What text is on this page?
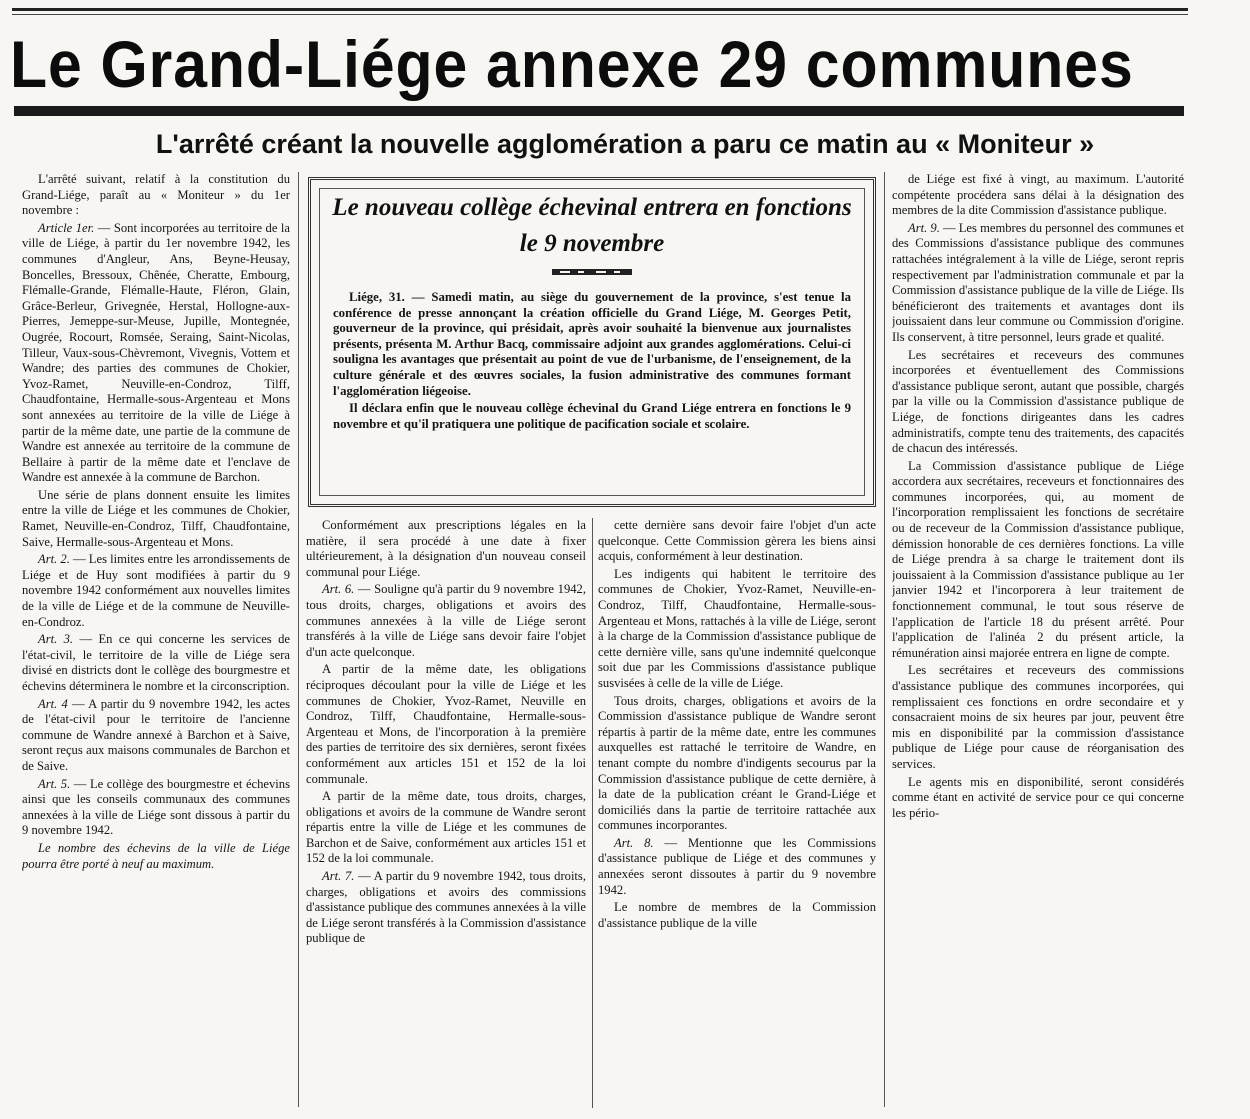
Le Grand-Liége annexe 29 communes
L'arrêté créant la nouvelle agglomération a paru ce matin au « Moniteur »

L'arrêté suivant, relatif à la constitution du Grand-Liége, paraît au « Moniteur » du 1er novembre :

Article 1er. — Sont incorporées au territoire de la ville de Liége, à partir du 1er novembre 1942, les communes d'Angleur, Ans, Beyne-Heusay, Boncelles, Bressoux, Chênée, Cheratte, Embourg, Flémalle-Grande, Flémalle-Haute, Fléron, Glain, Grâce-Berleur, Grivegnée, Herstal, Hollogne-aux-Pierres, Jemeppe-sur-Meuse, Jupille, Montegnée, Ougrée, Rocourt, Romsée, Seraing, Saint-Nicolas, Tilleur, Vaux-sous-Chèvremont, Vivegnis, Vottem et Wandre; des parties des communes de Chokier, Yvoz-Ramet, Neuville-en-Condroz, Tilff, Chaudfontaine, Hermalle-sous-Argenteau et Mons sont annexées au territoire de la ville de Liége à partir de la même date, une partie de la commune de Wandre est annexée au territoire de la commune de Bellaire à partir de la même date et l'enclave de Wandre est annexée à la commune de Barchon.

Une série de plans donnent ensuite les limites entre la ville de Liége et les communes de Chokier, Ramet, Neuville-en-Condroz, Tilff, Chaudfontaine, Saive, Hermalle-sous-Argenteau et Mons.

Art. 2. — Les limites entre les arrondissements de Liége et de Huy sont modifiées à partir du 9 novembre 1942 conformément aux nouvelles limites de la ville de Liége et de la commune de Neuville-en-Condroz.

Art. 3. — En ce qui concerne les services de l'état-civil, le territoire de la ville de Liége sera divisé en districts dont le collège des bourgmestre et échevins déterminera le nombre et la circonscription.

Art. 4 — A partir du 9 novembre 1942, les actes de l'état-civil pour le territoire de l'ancienne commune de Wandre annexé à Barchon et à Saive, seront reçus aux maisons communales de Barchon et de Saive.

Art. 5. — Le collège des bourgmestre et échevins ainsi que les conseils communaux des communes annexées à la ville de Liége sont dissous à partir du 9 novembre 1942.

Le nombre des échevins de la ville de Liége pourra être porté à neuf au maximum.

Le nouveau collège échevinal entrera en fonctions le 9 novembre

Liége, 31. — Samedi matin, au siège du gouvernement de la province, s'est tenue la conférence de presse annonçant la création officielle du Grand Liége, M. Georges Petit, gouverneur de la province, qui présidait, après avoir souhaité la bienvenue aux journalistes présents, présenta M. Arthur Bacq, commissaire adjoint aux grandes agglomérations. Celui-ci souligna les avantages que présentait au point de vue de l'urbanisme, de l'enseignement, de la culture générale et des œuvres sociales, la fusion administrative des communes formant l'agglomération liégeoise.

Il déclara enfin que le nouveau collège échevinal du Grand Liége entrera en fonctions le 9 novembre et qu'il pratiquera une politique de pacification sociale et scolaire.

Conformément aux prescriptions légales en la matière, il sera procédé à une date à fixer ultérieurement, à la désignation d'un nouveau conseil communal pour Liége.

Art. 6. — Souligne qu'à partir du 9 novembre 1942, tous droits, charges, obligations et avoirs des communes annexées à la ville de Liége seront transférés à la ville de Liége sans devoir faire l'objet d'un acte quelconque.

A partir de la même date, les obligations réciproques découlant pour la ville de Liége et les communes de Chokier, Yvoz-Ramet, Neuville en Condroz, Tilff, Chaudfontaine, Hermalle-sous-Argenteau et Mons, de l'incorporation à la première des parties de territoire des six dernières, seront fixées conformément aux articles 151 et 152 de la loi communale.

A partir de la même date, tous droits, charges, obligations et avoirs de la commune de Wandre seront répartis entre la ville de Liége et les communes de Barchon et de Saive, conformément aux articles 151 et 152 de la loi communale.

Art. 7. — A partir du 9 novembre 1942, tous droits, charges, obligations et avoirs des commissions d'assistance publique des communes annexées à la ville de Liége seront transférés à la Commission d'assistance publique de

cette dernière sans devoir faire l'objet d'un acte quelconque. Cette Commission gèrera les biens ainsi acquis, conformément à leur destination.

Les indigents qui habitent le territoire des communes de Chokier, Yvoz-Ramet, Neuville-en-Condroz, Tilff, Chaudfontaine, Hermalle-sous-Argenteau et Mons, rattachés à la ville de Liége, seront à la charge de la Commission d'assistance publique de cette dernière ville, sans qu'une indemnité quelconque soit due par les Commissions d'assistance publique susvisées à celle de la ville de Liége.

Tous droits, charges, obligations et avoirs de la Commission d'assistance publique de Wandre seront répartis à partir de la même date, entre les communes auxquelles est rattaché le territoire de Wandre, en tenant compte du nombre d'indigents secourus par la Commission d'assistance publique de cette dernière, à la date de la publication créant le Grand-Liége et domiciliés dans la partie de territoire rattachée aux communes incorporantes.

Art. 8. — Mentionne que les Commissions d'assistance publique de Liége et des communes y annexées seront dissoutes à partir du 9 novembre 1942.

Le nombre de membres de la Commission d'assistance publique de la ville

de Liége est fixé à vingt, au maximum. L'autorité compétente procédera sans délai à la désignation des membres de la dite Commission d'assistance publique.

Art. 9. — Les membres du personnel des communes et des Commissions d'assistance publique des communes rattachées intégralement à la ville de Liége, seront repris respectivement par l'administration communale et par la Commission d'assistance publique de la ville de Liége. Ils bénéficieront des traitements et avantages dont ils jouissaient dans leur commune ou Commission d'origine. Ils conservent, à titre personnel, leurs grade et qualité.

Les secrétaires et receveurs des communes incorporées et éventuellement des Commissions d'assistance publique seront, autant que possible, chargés par la ville ou la Commission d'assistance publique de Liége, de fonctions dirigeantes dans les cadres administratifs, compte tenu des traitements, des capacités de chacun des intéressés.

La Commission d'assistance publique de Liége accordera aux secrétaires, receveurs et fonctionnaires des communes incorporées, qui, au moment de l'incorporation remplissaient les fonctions de secrétaire ou de receveur de la Commission d'assistance publique, démission honorable de ces dernières fonctions. La ville de Liége prendra à sa charge le traitement dont ils jouissaient à la Commission d'assistance publique au 1er janvier 1942 et l'incorporera à leur traitement de fonctionnement communal, le tout sous réserve de l'application de l'article 18 du présent arrêté. Pour l'application de l'alinéa 2 du présent article, la rémunération ainsi majorée entrera en ligne de compte.

Les secrétaires et receveurs des commissions d'assistance publique des communes incorporées, qui remplissaient ces fonctions en ordre secondaire et y consacraient moins de six heures par jour, peuvent être mis en disponibilité par la commission d'assistance publique de Liége pour cause de réorganisation des services.

Le agents mis en disponibilité, seront considérés comme étant en activité de service pour ce qui concerne les pério-
